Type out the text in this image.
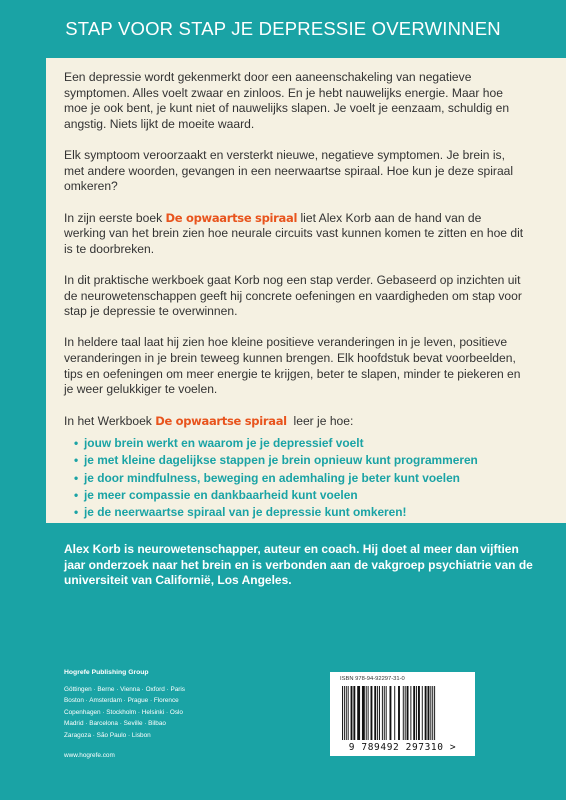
STAP VOOR STAP JE DEPRESSIE OVERWINNEN

Een depressie wordt gekenmerkt door een aaneenschakeling van negatieve symptomen. Alles voelt zwaar en zinloos. En je hebt nauwelijks energie. Maar hoe moe je ook bent, je kunt niet of nauwelijks slapen. Je voelt je eenzaam, schuldig en angstig. Niets lijkt de moeite waard.

Elk symptoom veroorzaakt en versterkt nieuwe, negatieve symptomen. Je brein is, met andere woorden, gevangen in een neerwaartse spiraal. Hoe kun je deze spiraal omkeren?

In zijn eerste boek De opwaartse spiraal liet Alex Korb aan de hand van de werking van het brein zien hoe neurale circuits vast kunnen komen te zitten en hoe dit is te doorbreken.

In dit praktische werkboek gaat Korb nog een stap verder. Gebaseerd op inzichten uit de neurowetenschappen geeft hij concrete oefeningen en vaardigheden om stap voor stap je depressie te overwinnen.

In heldere taal laat hij zien hoe kleine positieve veranderingen in je leven, positieve veranderingen in je brein teweeg kunnen brengen. Elk hoofdstuk bevat voorbeelden, tips en oefeningen om meer energie te krijgen, beter te slapen, minder te piekeren en je weer gelukkiger te voelen.

In het Werkboek De opwaartse spiraal  leer je hoe:

• jouw brein werkt en waarom je je depressief voelt
• je met kleine dagelijkse stappen je brein opnieuw kunt programmeren
• je door mindfulness, beweging en ademhaling je beter kunt voelen
• je meer compassie en dankbaarheid kunt voelen
• je de neerwaartse spiraal van je depressie kunt omkeren!
Alex Korb is neurowetenschapper, auteur en coach. Hij doet al meer dan vijftien jaar onderzoek naar het brein en is verbonden aan de vakgroep psychiatrie van de universiteit van Californië, Los Angeles.
Hogrefe Publishing Group
Göttingen · Berne · Vienna · Oxford · Paris
Boston · Amsterdam · Prague · Florence
Copenhagen · Stockholm · Helsinki · Oslo
Madrid · Barcelona · Seville · Bilbao
Zaragoza · São Paulo · Lisbon
www.hogrefe.com
ISBN 978-94-92297-31-0
9 789492 297310 >
